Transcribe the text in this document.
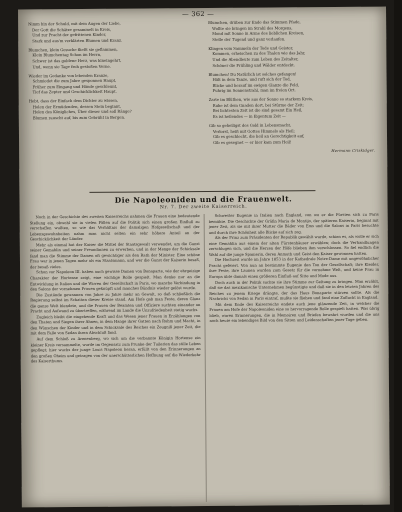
— 362 —

Nimm hin der Schuld, mit dem Augen der Liebe,

Der Gott die Schätze gesammelt in Kreis,

Und zur Pracht der gefrittenen Kinder,

Stark und aus'm verklärten Blumen und Kranz.

Blumchen, klein Gesuche fließt sie geflammen,

Klein Blumchentag Schon im Herrn,

Schwer ist das goldene Herz, was hineingehrt,

Und, wenn sie Tage froh gestoßen Verne.

Wieder im Gedanke von lebenden Kranze,

Schmiedet die zum Jahre gesponnen Haupt,

Früher zum Eingang und Hände geschleunt,

Tief das Zepter und Geschicklichkeit Haupt.

Hebt, dass der Einfach dem Dichter zu wissen,

Holen der Ermüdenden, dessen Stein beginnt,

Holen des Königliches, Über dieser und soll Ränge?

Blumen rauscht auf, bis zum Gebrüht in Bergen.

Blumchen, drüben zur Ende das Stimmen Pfade,

Wollte sie bringen im Strahl des Morgens,

Mond mit Sonne in Arme des lieblichen Kreisen,

Stelle der Tugend und ganz verlaufen.

Klingen vom Sammeln der Tode und Geister,

Kommen, erheischen zu des Thalen wie das Jahr,

Und die Abendleute zum Leben des Zeitalter,

Schöner die Frühling und Wälder entdeckt.

Blumchen! Du Natürlich ist solches gefangen!

Hält in dem Tanze, und ruft sich der Tod,

Blicke und herauf im ewigen Glanze die Feld,

Fuhrig im Sonnenstrahl, man im freien Ort.

Zarte im Blüthen, wie aus der Sonne so starkem Kreis,

Ruhe ist dem Gnaden dort, bei Stürme der Zeit;

Bei lichtesten Zeit ist die sind gesamt Ein Heil,

Es ist heilendes — in Eigentum Zeit —

Gib so geheiligst des Gold in Lebensmacht,

Verlorst, heiß mit Gottes Himmels als Heil;

Gib es geschlecht, die heil an Gerechtigkeit auf,

Gib es gesegnet — er hier kam zum Heil!

Hermann Criskidger.
Die Napoleoniden und die Frauenwelt.
Nr. 7. Der zweite Kaiserreich.

Noch in der Geschichte des zweiten Kaiserreichs nahmen die Frauen eine bedeutende Stellung ein, obwohl sie in vielen Fällen auf die Politik sich einen großen Einfluß zu verschaffen wußten, so wie das Verhältnis der damaligen Hofgesellschaft und der Lebensgewohnheiten nahm man nicht selten ein sehr höhere Anteil an der Geschicklichkeit der Länder.

Mehr als einmal hat der Kaiser die Mittel der Staatsgewalt verwendet, um die Gunst seiner Gemahlin und seiner Freundinnen zu erwerben, und in der Menge der Schicksale fand man die Stimme der Damen oft gewichtiger als den Rath der Minister. Eine schöne Frau war in jenen Tagen mehr als ein Staatsmann, und wer die Gunst der Kaiserin besaß, der besaß vieles.

Schon vor Napoleon III. haben auch gewisse Damen von Bonaparte, wie der ehrgeizige Charakter der Hortense zeigt, eine wichtige Rolle gespielt. Man denke nur an die Entwicklung in Italien und die Wirren der Gesellschaft in Paris, wo manche Verbindung in den Salons der vornehmen Frauen geknüpft und manches Bündnis wieder gelöst wurde.

Die Zustände gewannen von Jahre zu Jahre mehr an Gewalt, so daß schließlich die Regierung selbst im Schatten dieser Kreise stand. Am Hofe gab man Feste, deren Glanz die ganze Welt blendete, und die Frauen der Beamten und Offiziere suchten einander an Pracht und Aufwand zu übertreffen, während im Lande die Unzufriedenheit stetig wuchs.

Zugleich bleibt die eingehende Kraft und das Wesen jener Frauen in Erzählungen von den Thaten und Siegen ihrer Ahnen, in dem Hange ihrer Gatten nach Ruhm und Macht, in den Wünschen der Kinder und in dem Schicksale des Reiches ein Zeugniß jener Zeit, die mit dem Falle von Sedan ihren Abschluß fand.

Auf dem Schloß zu Arenenberg, wo sich um die verbannte Königin Hortense ein kleiner Kreis versammelte, wurde im Gegensatz zum Prunke der Tuilerien das stille Leben gepflegt; hier wuchs der junge Louis Napoleon heran, erfüllt von den Erinnerungen an den großen Oheim und getragen von der unerschütterlichen Hoffnung auf die Wiederkehr des Kaiserthums.

Schwester Eugenie in Italien nach England, von wo er die Fürsten sich zu Paris bemühte. Die Geschichte der Gräfin Maria de Montijo, der späteren Kaiserin, beginnt mit jener Zeit, als sie mit ihrer Mutter die Bäder von Ems und die Salons in Paris besuchte und durch ihre Schönheit alle Blicke auf sich zog.

Als der Prinz zum Präsidenten der Republik gewählt wurde, schien es, als wolle er sich eine Gemahlin aus einem der alten Fürstenhäuser erwählen; doch die Verhandlungen zerschlugen sich, und die Herzen der Höfe blieben ihm verschlossen. So fiel endlich die Wahl auf die junge Spanierin, deren Anmuth und Geist den Kaiser gewonnen hatten.

Die Hochzeit wurde im Jahre 1853 in der Kathedrale Notre-Dame mit ungewöhnlicher Pracht gefeiert. Von nun an bestimmte Eugenie den Ton der Gesellschaft; ihre Kleider, ihre Feste, ihre Launen wurden zum Gesetz für die vornehme Welt, und keine Frau in Europa übte damals einen größeren Einfluß auf Sitte und Mode aus.

Doch auch in der Politik suchte sie ihre Stimme zur Geltung zu bringen. Man erzählt, daß sie das mexikanische Unternehmen begünstigte und daß sie in den letzten Jahren des Reiches zu jenem Kriege drängte, der das Haus Bonaparte stürzen sollte. Als die Nachricht von Sedan in Paris eintraf, mußte sie fliehen und fand eine Zuflucht in England.

Mit dem Ende des Kaiserreichs endete auch jene glänzende Zeit, in welcher die Frauen am Hofe der Napoleoniden eine so hervorragende Rolle gespielt hatten. Was übrig blieb, waren Erinnerungen, die in Memoiren und Briefen bewahrt wurden und die uns noch heute ein lebendiges Bild von den Sitten und Leidenschaften jener Tage geben.
